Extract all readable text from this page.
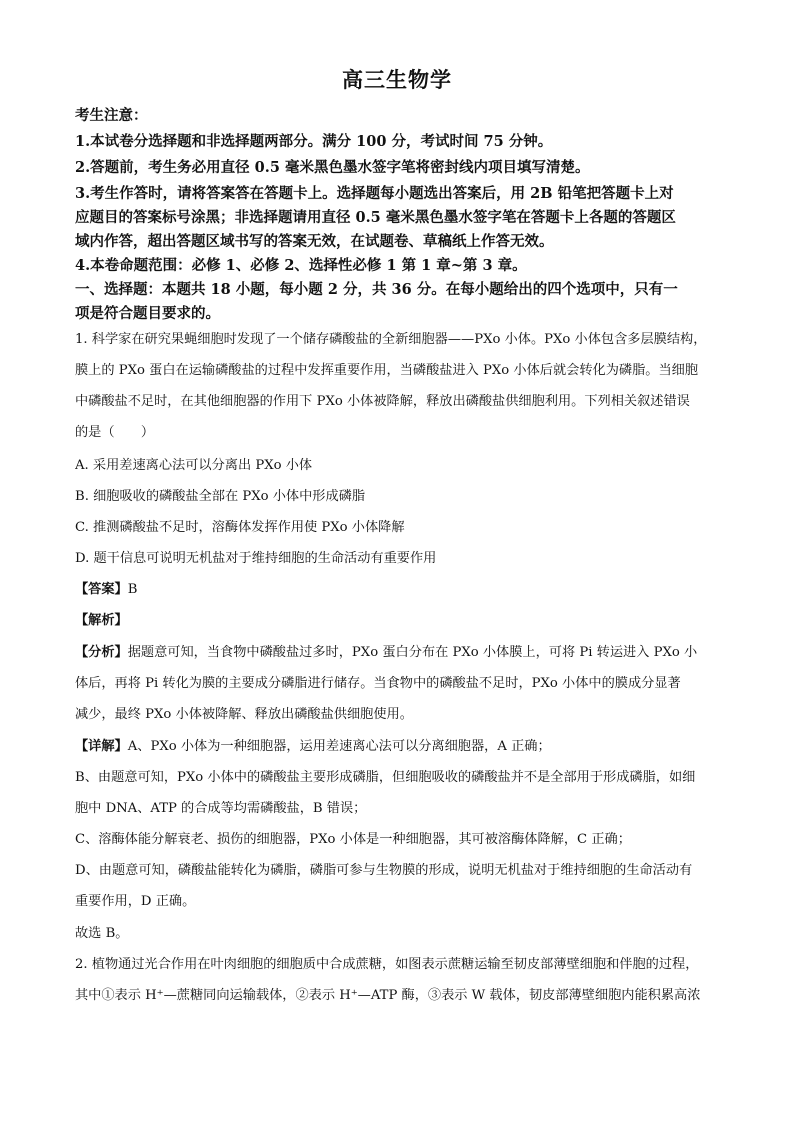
高三生物学
考生注意：
1.本试卷分选择题和非选择题两部分。满分 100 分，考试时间 75 分钟。
2.答题前，考生务必用直径 0.5 毫米黑色墨水签字笔将密封线内项目填写清楚。
3.考生作答时，请将答案答在答题卡上。选择题每小题选出答案后，用 2B 铅笔把答题卡上对
应题目的答案标号涂黑；非选择题请用直径 0.5 毫米黑色墨水签字笔在答题卡上各题的答题区
域内作答，超出答题区域书写的答案无效，在试题卷、草稿纸上作答无效。
4.本卷命题范围：必修 1、必修 2、选择性必修 1 第 1 章~第 3 章。
一、选择题：本题共 18 小题，每小题 2 分，共 36 分。在每小题给出的四个选项中，只有一
项是符合题目要求的。
1. 科学家在研究果蝇细胞时发现了一个储存磷酸盐的全新细胞器——PXo 小体。PXo 小体包含多层膜结构，
膜上的 PXo 蛋白在运输磷酸盐的过程中发挥重要作用，当磷酸盐进入 PXo 小体后就会转化为磷脂。当细胞
中磷酸盐不足时，在其他细胞器的作用下 PXo 小体被降解，释放出磷酸盐供细胞利用。下列相关叙述错误
的是（　　）
A. 采用差速离心法可以分离出 PXo 小体
B. 细胞吸收的磷酸盐全部在 PXo 小体中形成磷脂
C. 推测磷酸盐不足时，溶酶体发挥作用使 PXo 小体降解
D. 题干信息可说明无机盐对于维持细胞的生命活动有重要作用
【答案】B
【解析】
【分析】据题意可知，当食物中磷酸盐过多时，PXo 蛋白分布在 PXo 小体膜上，可将 Pi 转运进入 PXo 小
体后，再将 Pi 转化为膜的主要成分磷脂进行储存。当食物中的磷酸盐不足时，PXo 小体中的膜成分显著
减少，最终 PXo 小体被降解、释放出磷酸盐供细胞使用。
【详解】A、PXo 小体为一种细胞器，运用差速离心法可以分离细胞器，A 正确；
B、由题意可知，PXo 小体中的磷酸盐主要形成磷脂，但细胞吸收的磷酸盐并不是全部用于形成磷脂，如细
胞中 DNA、ATP 的合成等均需磷酸盐，B 错误；
C、溶酶体能分解衰老、损伤的细胞器，PXo 小体是一种细胞器，其可被溶酶体降解，C 正确；
D、由题意可知，磷酸盐能转化为磷脂，磷脂可参与生物膜的形成，说明无机盐对于维持细胞的生命活动有
重要作用，D 正确。
故选 B。
2. 植物通过光合作用在叶肉细胞的细胞质中合成蔗糖，如图表示蔗糖运输至韧皮部薄壁细胞和伴胞的过程，
其中①表示 H⁺—蔗糖同向运输载体，②表示 H⁺—ATP 酶，③表示 W 载体，韧皮部薄壁细胞内能积累高浓
